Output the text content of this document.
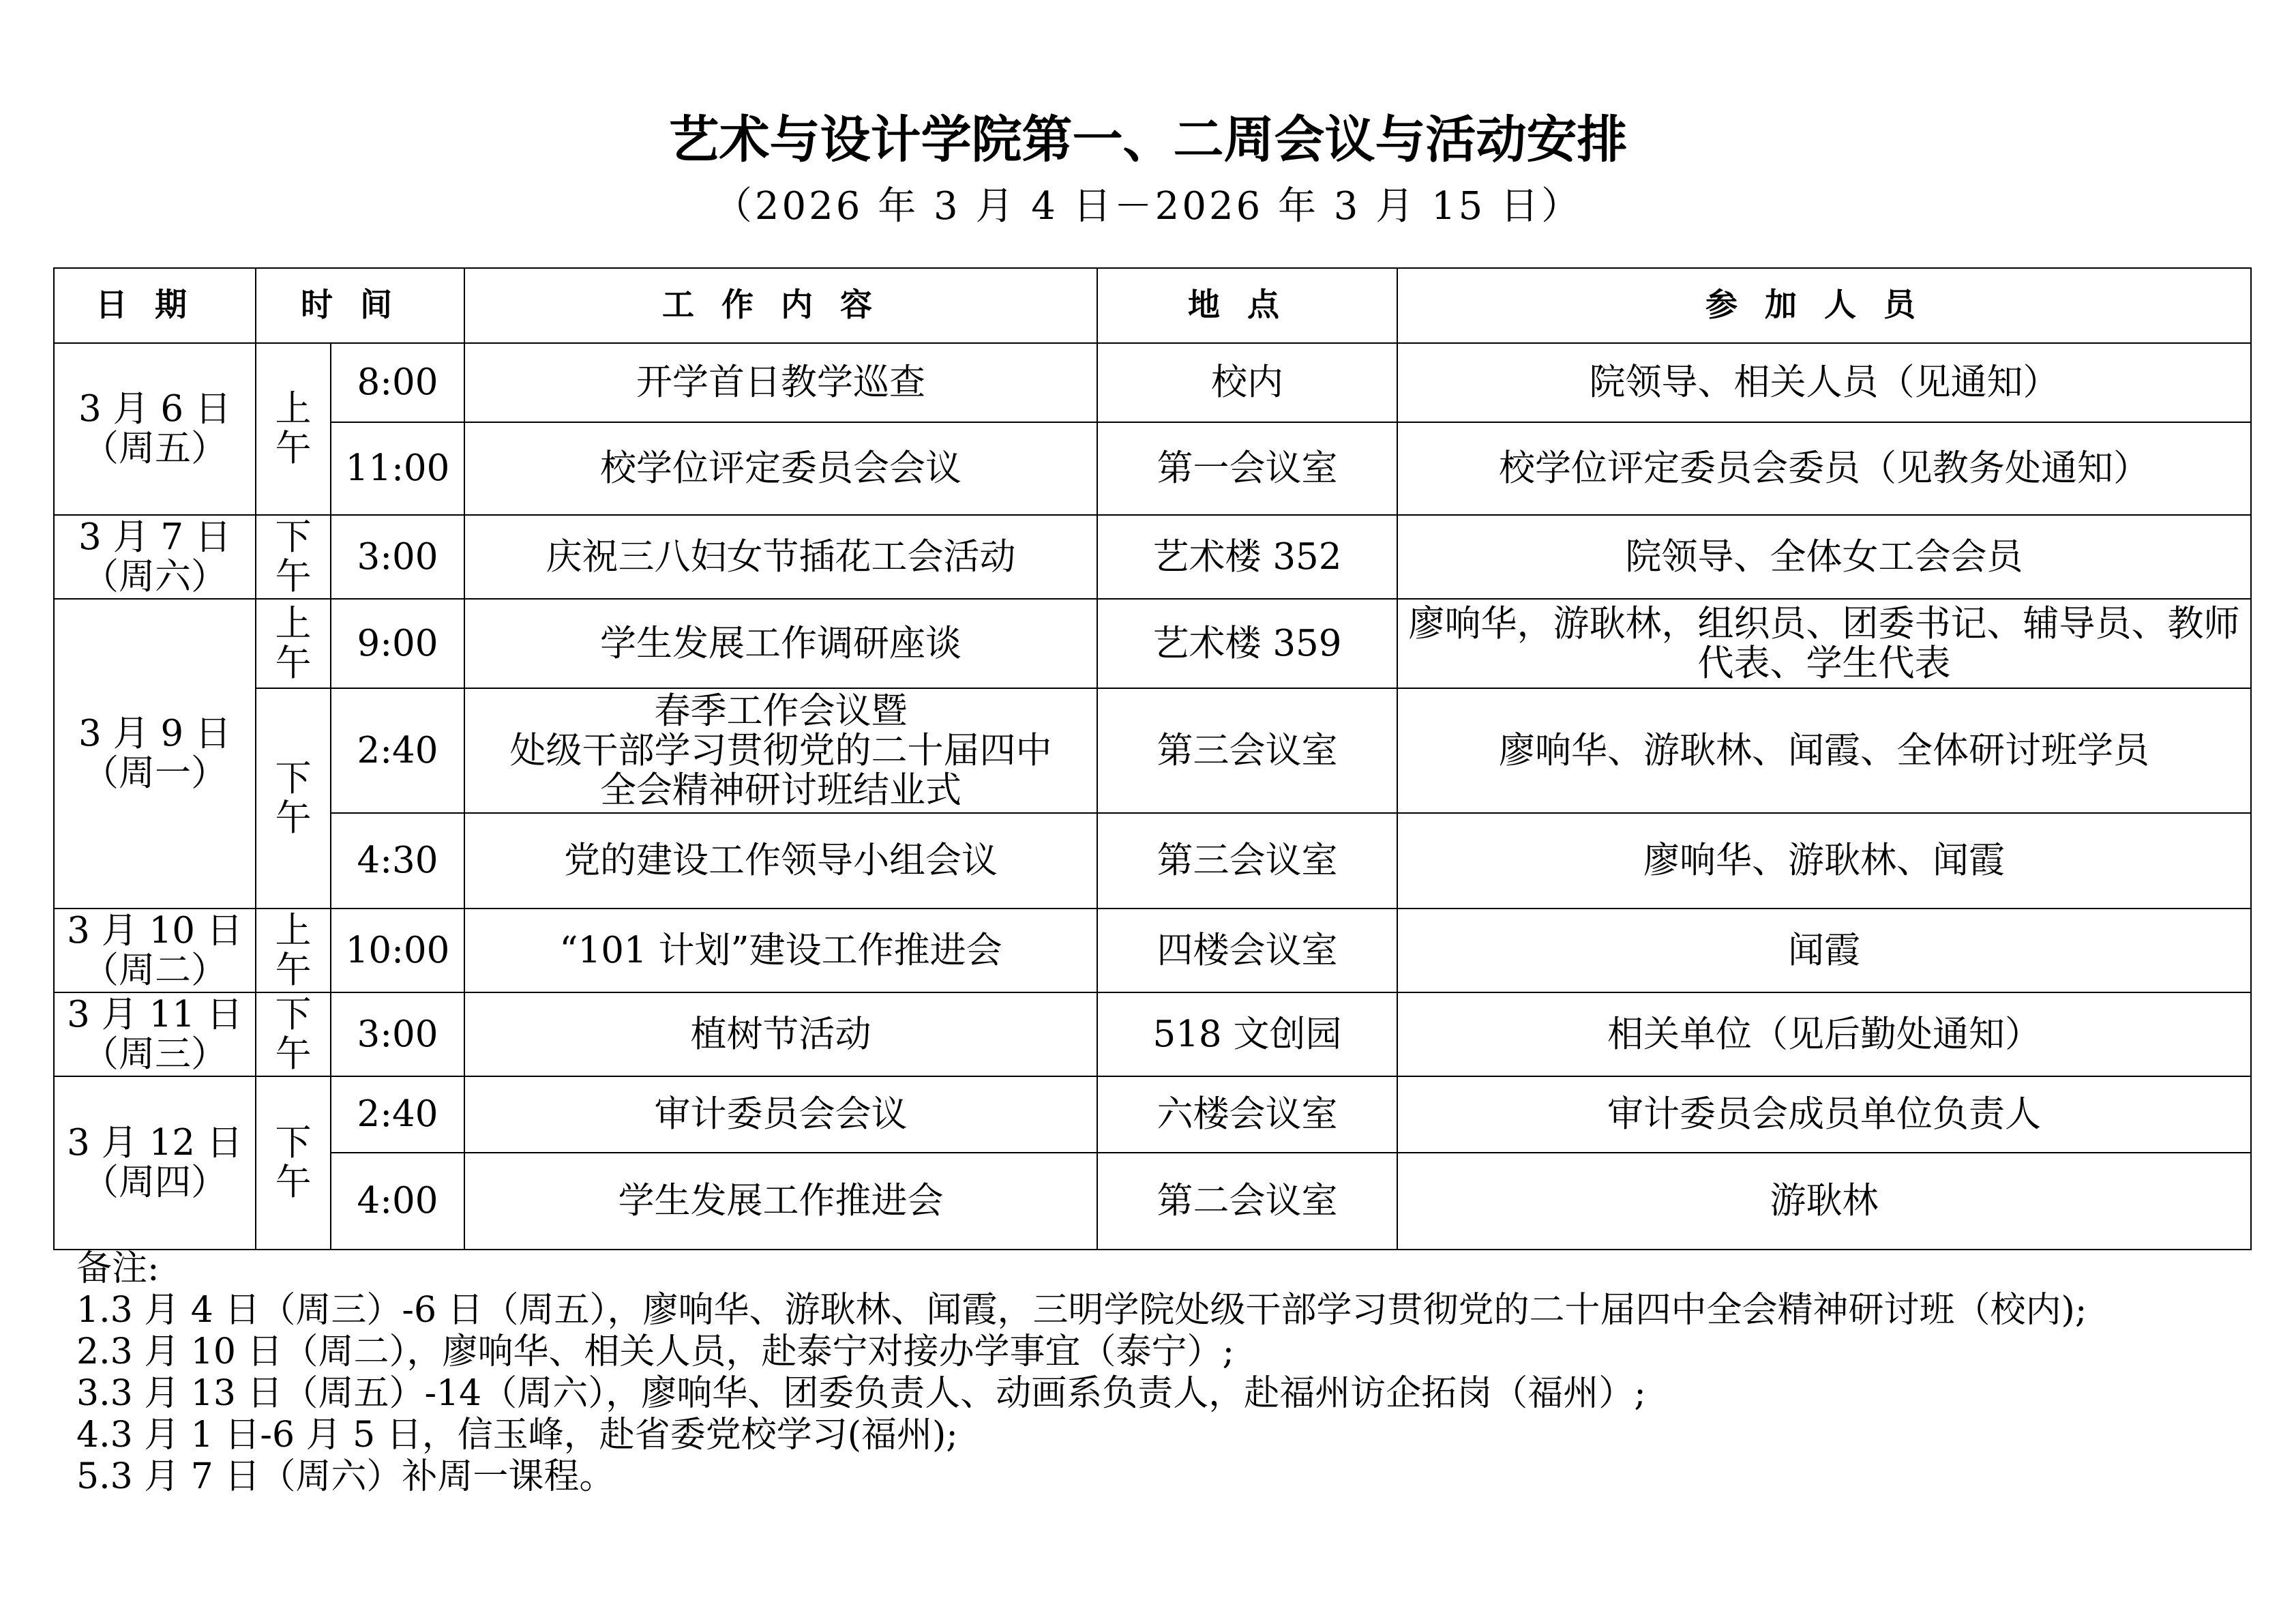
艺术与设计学院第一、二周会议与活动安排
（2026 年 3 月 4 日－2026 年 3 月 15 日）
日期	时间		工作内容	地点	参加人员

3 月 6 日
（周五）	上午	8:00	开学首日教学巡查	校内	院领导、相关人员（见通知）
		11:00	校学位评定委员会会议	第一会议室	校学位评定委员会委员（见教务处通知）

3 月 7 日
（周六）	下午	3:00	庆祝三八妇女节插花工会活动	艺术楼 352	院领导、全体女工会会员

3 月 9 日
（周一）	上午	9:00	学生发展工作调研座谈	艺术楼 359	廖响华，游耿林，组织员、团委书记、辅导员、教师代表、学生代表
	下午	2:40	春季工作会议暨
处级干部学习贯彻党的二十届四中
全会精神研讨班结业式	第三会议室	廖响华、游耿林、闻霞、全体研讨班学员
		4:30	党的建设工作领导小组会议	第三会议室	廖响华、游耿林、闻霞

3 月 10 日
（周二）	上午	10:00	“101 计划”建设工作推进会	四楼会议室	闻霞

3 月 11 日
（周三）	下午	3:00	植树节活动	518 文创园	相关单位（见后勤处通知）

3 月 12 日
（周四）	下午	2:40	审计委员会会议	六楼会议室	审计委员会成员单位负责人
		4:00	学生发展工作推进会	第二会议室	游耿林
备注:
1.3 月 4 日（周三）-6 日（周五），廖响华、游耿林、闻霞，三明学院处级干部学习贯彻党的二十届四中全会精神研讨班（校内);
2.3 月 10 日（周二），廖响华、相关人员，赴泰宁对接办学事宜（泰宁）;
3.3 月 13 日（周五）-14（周六），廖响华、团委负责人、动画系负责人，赴福州访企拓岗（福州）;
4.3 月 1 日-6 月 5 日，信玉峰，赴省委党校学习(福州);
5.3 月 7 日（周六）补周一课程。
